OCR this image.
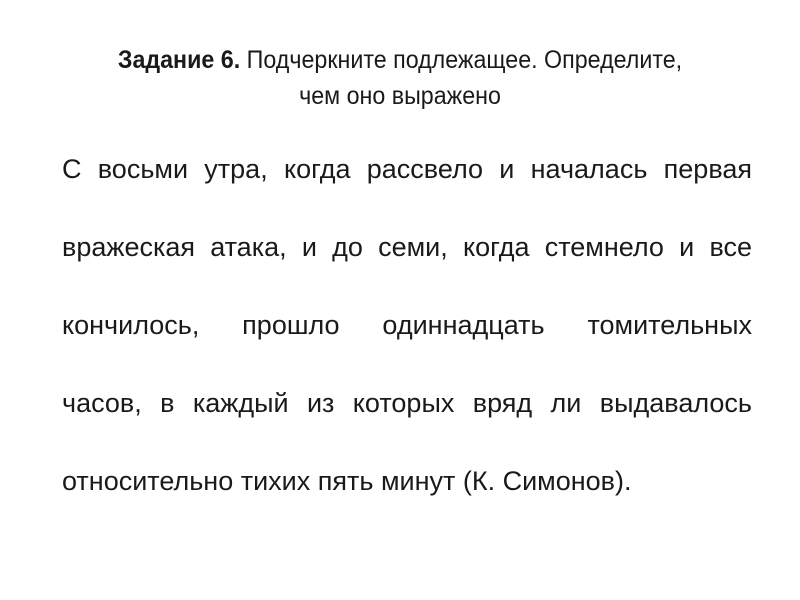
Задание 6. Подчеркните подлежащее. Определите,
чем оно выражено
С восьми утра, когда рассвело и началась первая
вражеская атака, и до семи, когда стемнело и все
кончилось, прошло одиннадцать томительных
часов, в каждый из которых вряд ли выдавалось
относительно тихих пять минут (К. Симонов).
